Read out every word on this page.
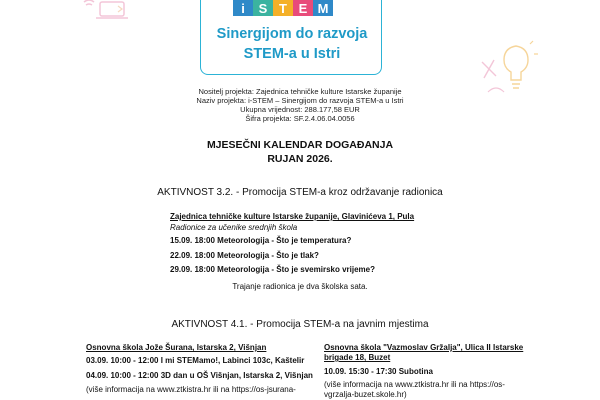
i	S T E M
Sinergijom do razvoja
STEM-a u Istri
Nositelj projekta: Zajednica tehničke kulture Istarske županije
Naziv projekta: i-STEM – Sinergijom do razvoja STEM-a u Istri
Ukupna vrijednost: 288.177,58 EUR
Šifra projekta: SF.2.4.06.04.0056
MJESEČNI KALENDAR DOGAĐANJA
RUJAN 2026.
AKTIVNOST 3.2. - Promocija STEM-a kroz održavanje radionica
Zajednica tehničke kulture Istarske županije, Glavinićeva 1, Pula
Radionice za učenike srednjih škola
15.09. 18:00 Meteorologija - Što je temperatura?
22.09. 18:00 Meteorologija - Što je tlak?
29.09. 18:00 Meteorologija - Što je svemirsko vrijeme?
Trajanje radionica je dva školska sata.
AKTIVNOST 4.1. - Promocija STEM-a na javnim mjestima
Osnovna škola Jože Šurana, Istarska 2, Višnjan
03.09. 10:00 - 12:00 I mi STEMamo!, Labinci 103c, Kaštelir
04.09. 10:00 - 12:00 3D dan u OŠ Višnjan, Istarska 2, Višnjan
(više informacija na www.ztkistra.hr ili na https://os-jsurana-
Osnovna škola "Vazmoslav Gržalja", Ulica II Istarske
brigade 18, Buzet
10.09. 15:30 - 17:30 Subotina
(više informacija na www.ztkistra.hr ili na https://os-
vgrzalja-buzet.skole.hr)
